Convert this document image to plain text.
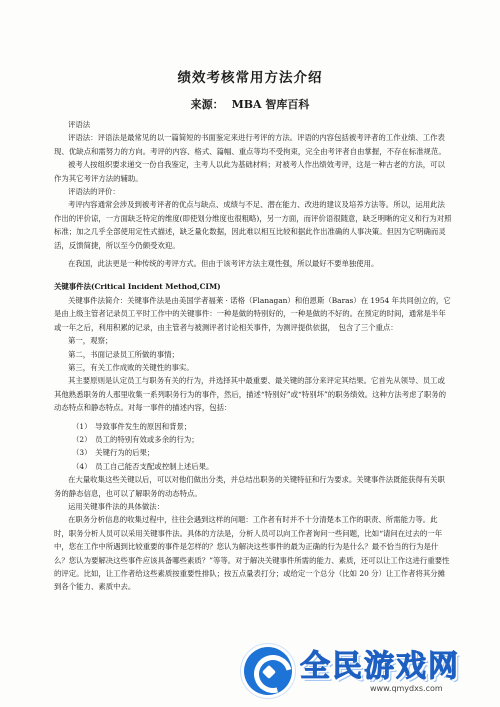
绩效考核常用方法介绍
来源： MBA 智库百科

评语法

评语法：评语法是最常见的以一篇简短的书面鉴定来进行考评的方法。评语的内容包括被考评者的工作业绩、工作表现、优缺点和需努力的方向。考评的内容、格式、篇幅、重点等均不受拘束，完全由考评者自由掌握，不存在标准规范。

被考人按组织要求递交一份自我鉴定，主考人以此为基础材料；对被考人作出绩效考评，这是一种古老的方法，可以作为其它考评方法的辅助。

评语法的评价：

考评内容通常会涉及到被考评者的优点与缺点、成绩与不足、潜在能力、改进的建议及培养方法等。所以，运用此法作出的评价谅，一方面缺乏特定的维度(即使划分维度也很粗略)，另一方面，而评价语很随意，缺乏明晰的定义和行为对照标准；加之几乎全部使用定性式描述，缺乏量化数据，因此难以相互比较和据此作出准确的人事决策。但因为它明确而灵活，反馈简捷，所以至今仍颇受欢迎。

在我国，此法更是一种传统的考评方式。但由于该考评方法主观性强，所以最好不要单独使用。

关键事件法(Critical Incident Method,CIM)

关键事件法简介：关键事件法是由美国学者福莱 · 诺格（Flanagan）和伯恩斯（Baras）在 1954 年共同创立的，它是由上级主管者记录员工平时工作中的关键事件：一种是做的特别好的，一种是做的不好的。在预定的时间，通常是半年或一年之后，利用积累的记录，由主管者与被测评者讨论相关事件，为测评提供依据，　包含了三个重点：

第一，观察；

第二，书面记录员工所做的事情；

第三，有关工作成败的关键性的事实。

其主要原则是认定员工与职务有关的行为，并选择其中最重要、最关键的部分来评定其结果。它首先从领导、员工或其他熟悉职务的人那里收集一系列职务行为的事件，然后，描述“特别好”或“特别坏”的职务绩效。这种方法考虑了职务的动态特点和静态特点。对每一事件的描述内容，包括：

（1）　导致事件发生的原因和背景；

（2）　员工的特别有效或多余的行为；

（3）　关键行为的后果；

（4）　员工自己能否支配或控制上述后果。

在大量收集这些关键以后，可以对他们做出分类，并总结出职务的关键特征和行为要求。关键事件法既能获得有关职务的静态信息，也可以了解职务的动态特点。

运用关键事件法的具体做法：

在职务分析信息的收集过程中，往往会遇到这样的问题：工作者有时并不十分清楚本工作的职责、所需能力等。此时，职务分析人员可以采用关键事件法。具体的方法是，分析人员可以向工作者询问一些问题，比如“请问在过去的一年中，您在工作中所遇到比较重要的事件是怎样的？您认为解决这些事件的最为正确的行为是什么？最不恰当的行为是什么？您认为要解决这些事件应该具备哪些素质？”等等。对于解决关键事件所需的能力、素质，还可以让工作这进行重要性的评定。比如，让工作者给这些素质按重要性排队；按五点量表打分；或给定一个总分（比如 20 分）让工作者将其分摊到各个能力、素质中去。

全民游戏网
www.qmydxs.com
